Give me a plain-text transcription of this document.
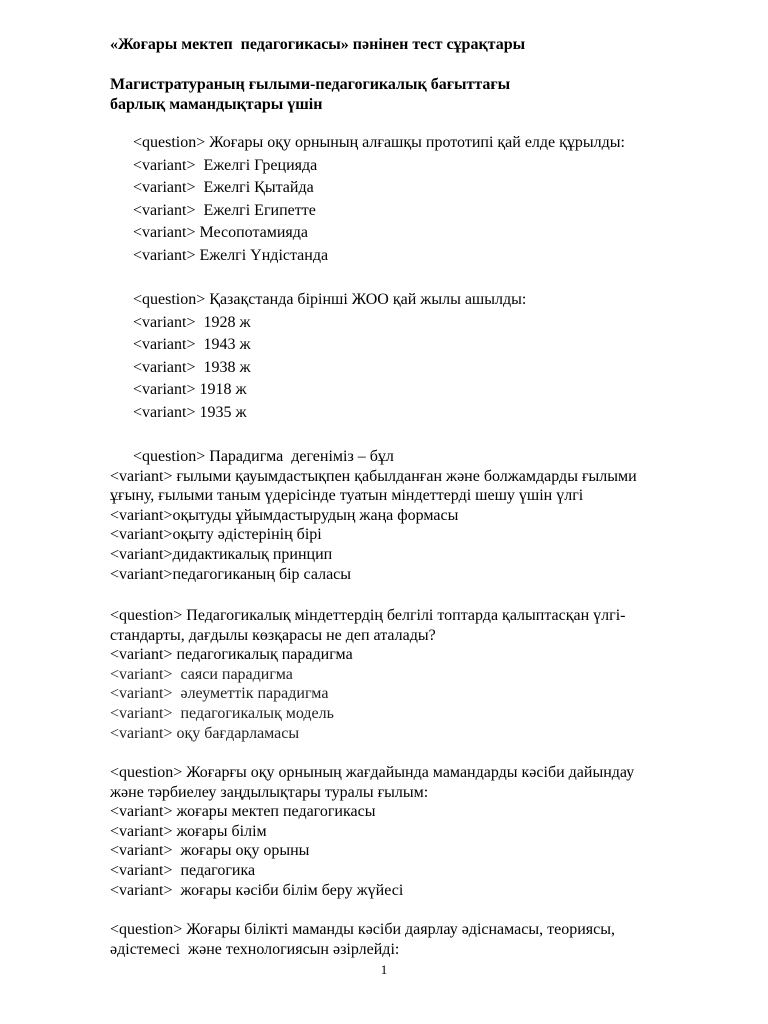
«Жоғары мектеп  педагогикасы» пәнінен тест сұрақтары
Магистратураның ғылыми-педагогикалық бағыттағы
барлық мамандықтары үшін
<question> Жоғары оқу орнының алғашқы прототипі қай елде құрылды:
<variant>  Ежелгі Грецияда
<variant>  Ежелгі Қытайда
<variant>  Ежелгі Египетте
<variant> Месопотамияда
<variant> Ежелгі Үндістанда
<question> Қазақстанда бірінші ЖОО қай жылы ашылды:
<variant>  1928 ж
<variant>  1943 ж
<variant>  1938 ж
<variant> 1918 ж
<variant> 1935 ж
<question> Парадигма  дегеніміз – бұл
<variant> ғылыми қауымдастықпен қабылданған және болжамдарды ғылыми
ұғыну, ғылыми таным үдерісінде туатын міндеттерді шешу үшін үлгі
<variant>оқытуды ұйымдастырудың жаңа формасы
<variant>оқыту әдістерінің бірі
<variant>дидактикалық принцип
<variant>педагогиканың бір саласы
<question> Педагогикалық міндеттердің белгілі топтарда қалыптасқан үлгі-
стандарты, дағдылы көзқарасы не деп аталады?
<variant> педагогикалық парадигма
<variant>  саяси парадигма
<variant>  әлеуметтік парадигма
<variant>  педагогикалық модель
<variant> оқу бағдарламасы
<question> Жоғарғы оқу орнының жағдайында мамандарды кәсіби дайындау
және тәрбиелеу заңдылықтары туралы ғылым:
<variant> жоғары мектеп педагогикасы
<variant> жоғары білім
<variant>  жоғары оқу орыны
<variant>  педагогика
<variant>  жоғары кәсіби білім беру жүйесі
<question> Жоғары білікті маманды кәсіби даярлау әдіснамасы, теориясы,
әдістемесі  және технологиясын әзірлейді:
1
